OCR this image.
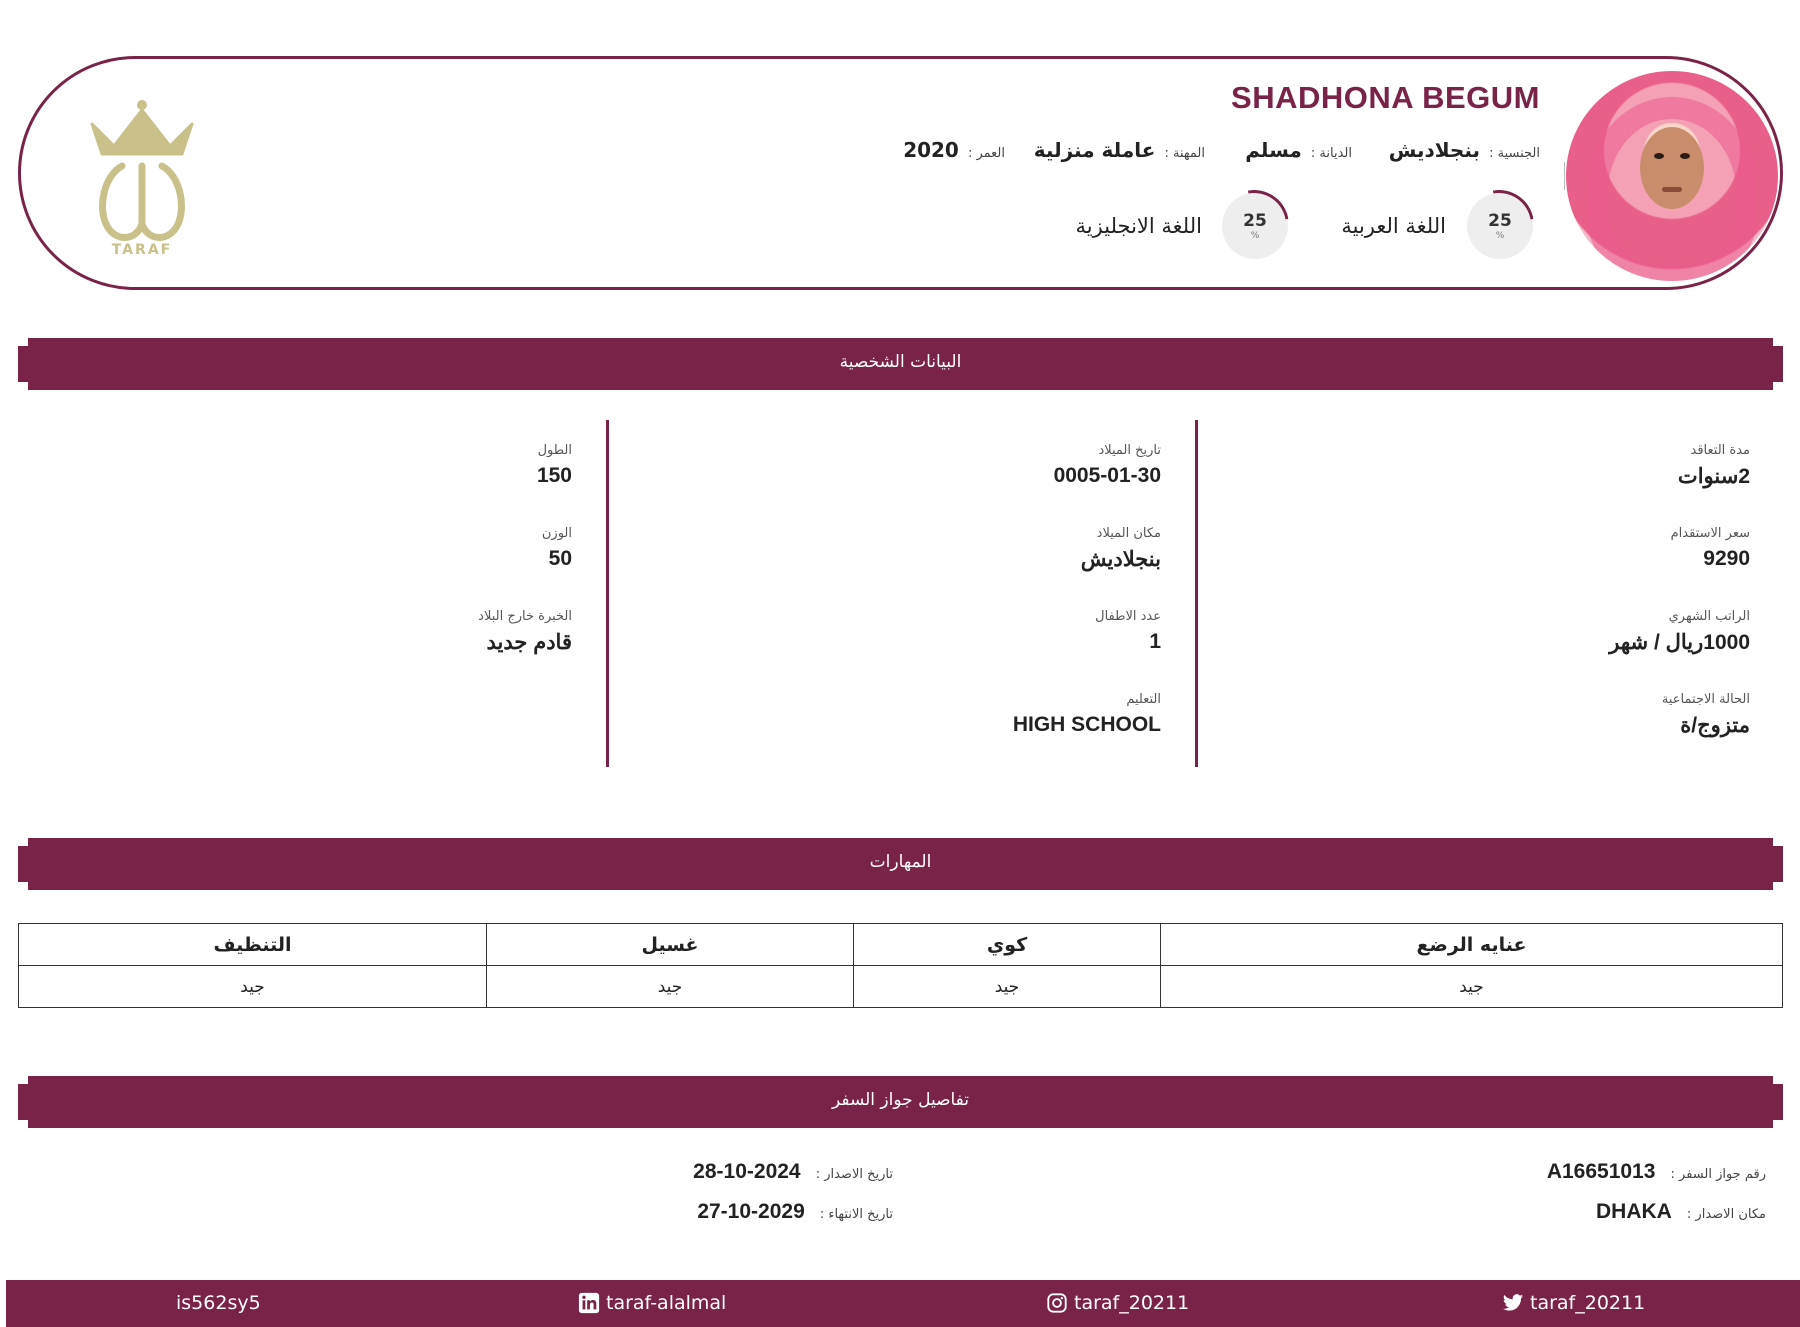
SHADHONA BEGUM
الجنسية : بنجلاديش
الديانة : مسلم
المهنة : عاملة منزلية
العمر : 2020
25
%
اللغة العربية
25
%
اللغة الانجليزية
TARAF
البيانات الشخصية
مدة التعاقد
2سنوات
سعر الاستقدام
9290
الراتب الشهري
1000ريال / شهر
الحالة الاجتماعية
متزوج/ة
تاريخ الميلاد
0005-01-30
مكان الميلاد
بنجلاديش
عدد الاطفال
1
التعليم
HIGH SCHOOL
الطول
150
الوزن
50
الخبرة خارج البلاد
قادم جديد
المهارات
عنايه الرضع	كوي	غسيل	التنظيف
جيد	جيد	جيد	جيد
تفاصيل جواز السفر
رقم جواز السفر : A16651013
مكان الاصدار : DHAKA
تاريخ الاصدار : 2024-10-28
تاريخ الانتهاء : 2029-10-27
is562sy5	taraf-alalmal	taraf_20211	taraf_20211
